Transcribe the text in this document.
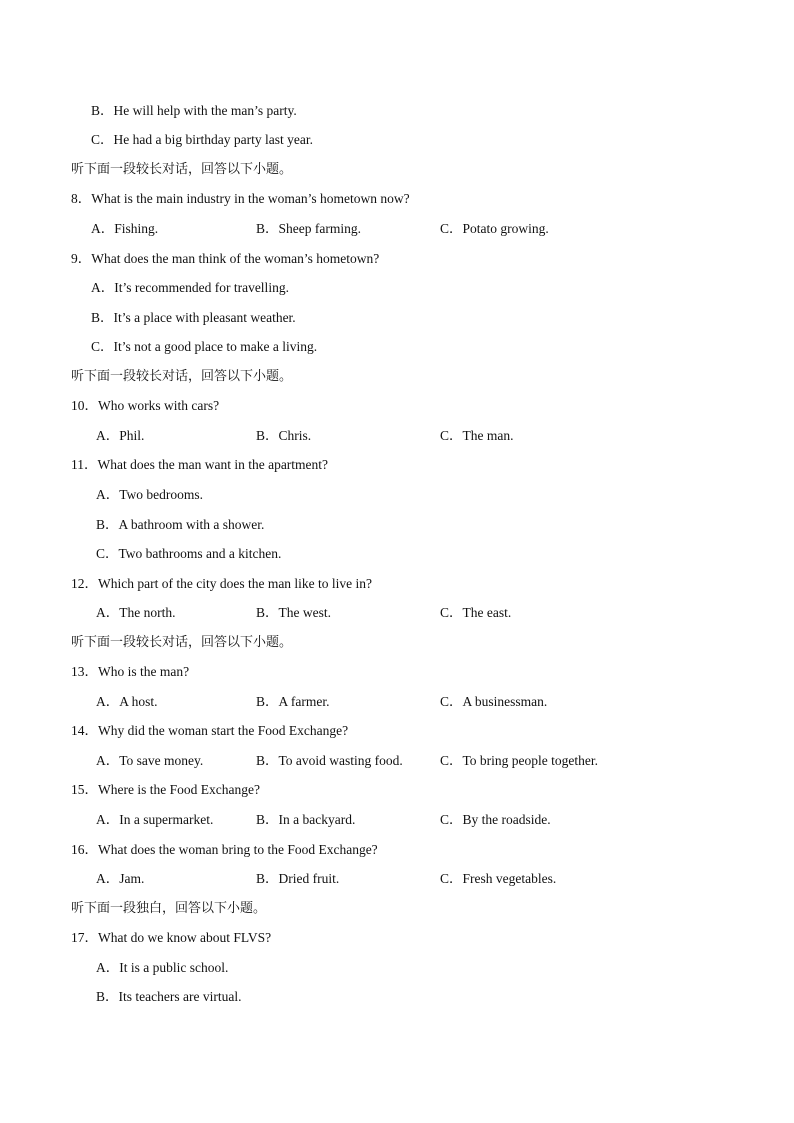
B．He will help with the man’s party.
C．He had a big birthday party last year.
听下面一段较长对话，回答以下小题。
8．What is the main industry in the woman’s hometown now?
A．Fishing.	B．Sheep farming.	C．Potato growing.
9．What does the man think of the woman’s hometown?
A．It’s recommended for travelling.
B．It’s a place with pleasant weather.
C．It’s not a good place to make a living.
听下面一段较长对话，回答以下小题。
10．Who works with cars?
A．Phil.	B．Chris.	C．The man.
11．What does the man want in the apartment?
A．Two bedrooms.
B．A bathroom with a shower.
C．Two bathrooms and a kitchen.
12．Which part of the city does the man like to live in?
A．The north.	B．The west.	C．The east.
听下面一段较长对话，回答以下小题。
13．Who is the man?
A．A host.	B．A farmer.	C．A businessman.
14．Why did the woman start the Food Exchange?
A．To save money.	B．To avoid wasting food.	C．To bring people together.
15．Where is the Food Exchange?
A．In a supermarket.	B．In a backyard.	C．By the roadside.
16．What does the woman bring to the Food Exchange?
A．Jam.	B．Dried fruit.	C．Fresh vegetables.
听下面一段独白，回答以下小题。
17．What do we know about FLVS?
A．It is a public school.
B．Its teachers are virtual.
